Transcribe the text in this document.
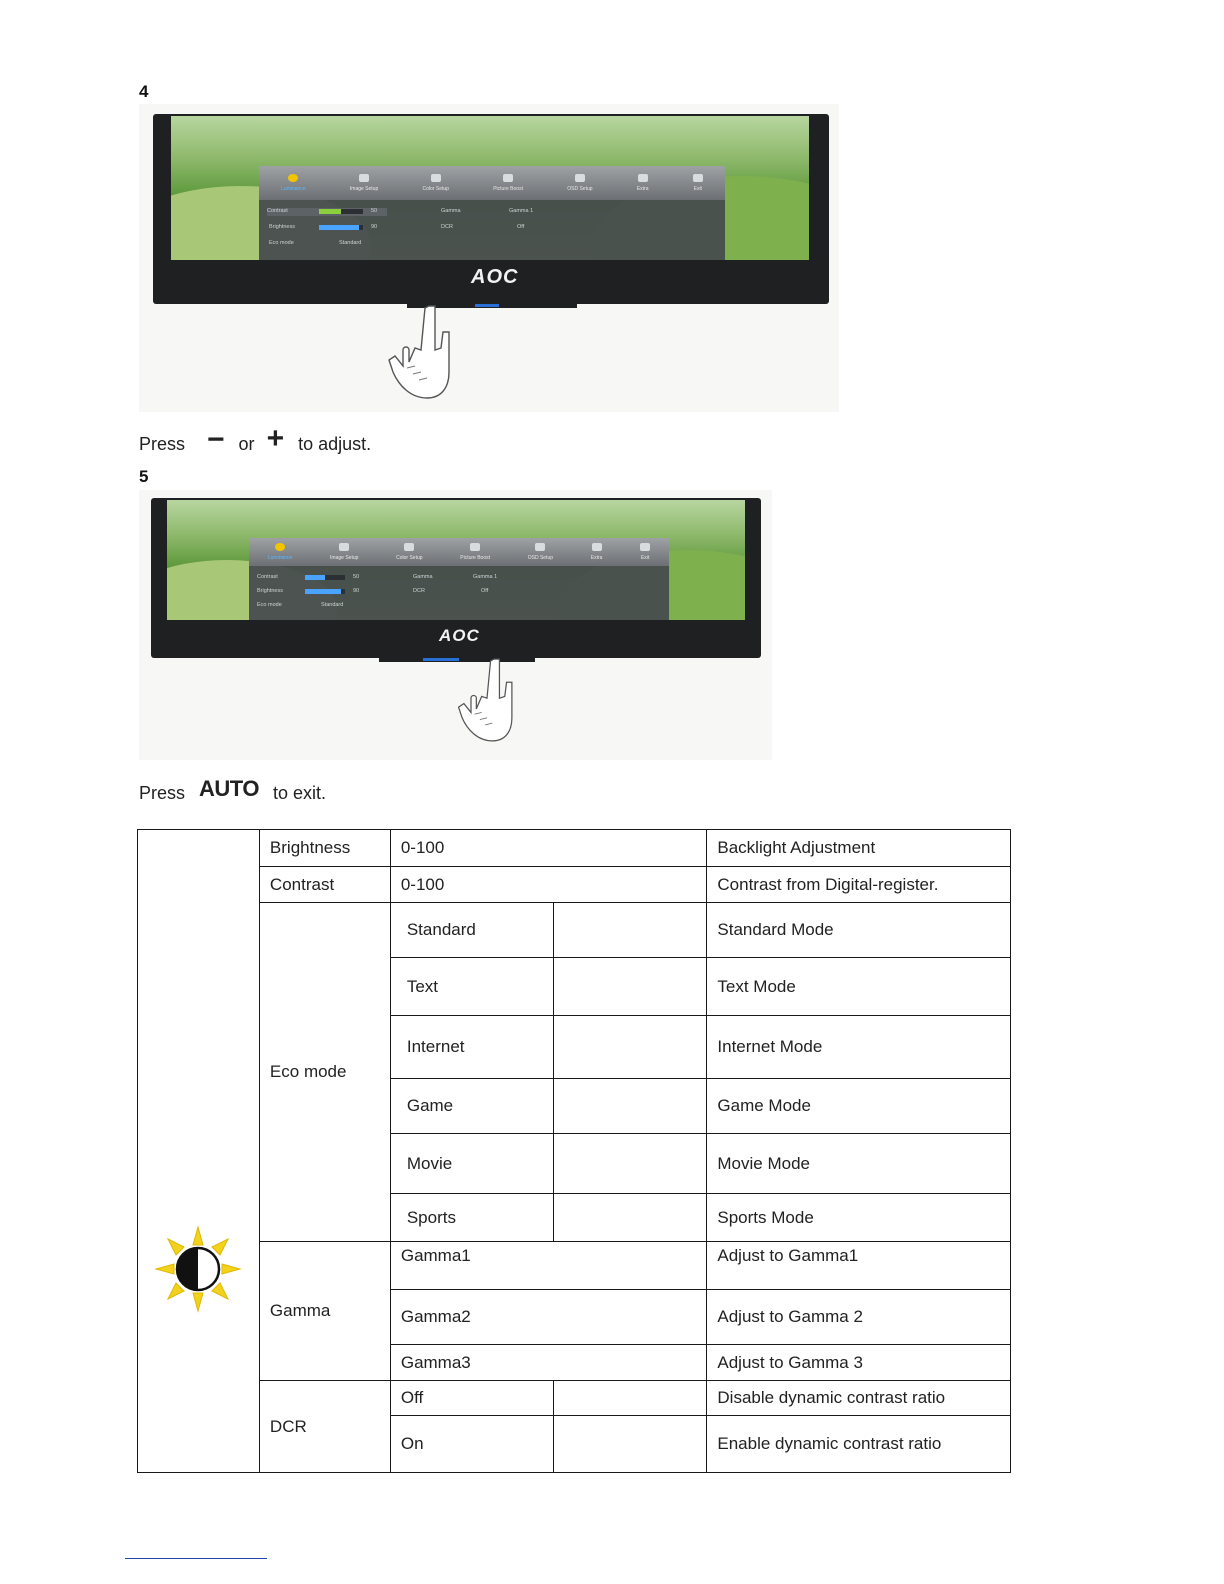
4
Luminance	Image Setup	Color Setup	Picture Boost	OSD Setup	Extra	Exit
Contrast	50
Brightness	90
Eco mode	Standard
Gamma	Gamma 1
DCR	Off
AOC
Press − or + to adjust.
5
Luminance	Image Setup	Color Setup	Picture Boost	OSD Setup	Extra	Exit
Contrast	50
Brightness	90
Eco mode	Standard
Gamma	Gamma 1
DCR	Off
AOC
Press AUTO to exit.
	Brightness	0-100		Backlight Adjustment
	Contrast	0-100		Contrast from Digital-register.
	Eco mode	Standard		Standard Mode
		Text		Text Mode
		Internet		Internet Mode
		Game		Game Mode
		Movie		Movie Mode
		Sports		Sports Mode
	Gamma	Gamma1		Adjust to Gamma1
		Gamma2		Adjust to Gamma 2
		Gamma3		Adjust to Gamma 3
	DCR	Off		Disable dynamic contrast ratio
		On		Enable dynamic contrast ratio
